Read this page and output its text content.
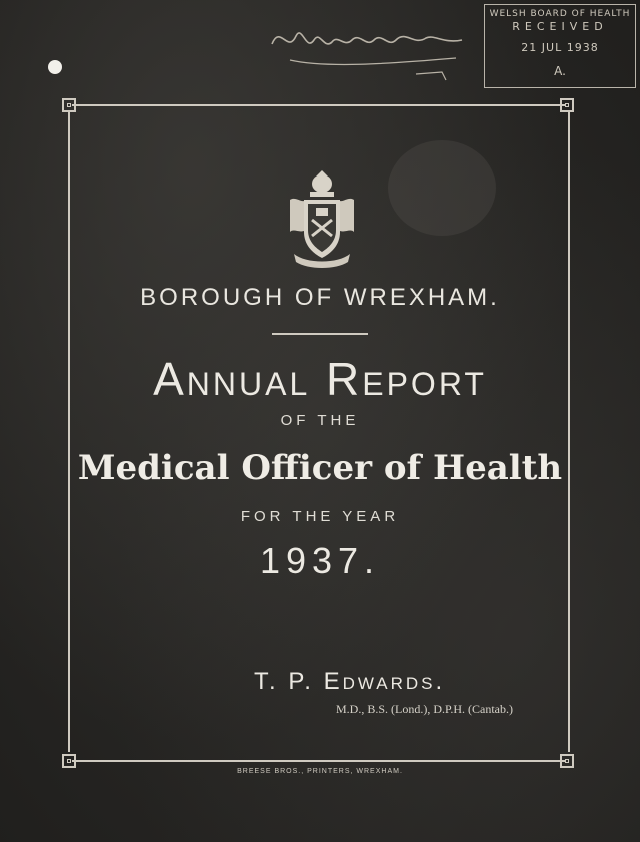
WELSH BOARD OF HEALTH
RECEIVED
21 JUL 1938
A.
BOROUGH OF WREXHAM.
Annual Report
OF THE
Medical Officer of Health
FOR THE YEAR
1937.
T. P. Edwards.
M.D., B.S. (Lond.), D.P.H. (Cantab.)
BREESE BROS., PRINTERS, WREXHAM.
